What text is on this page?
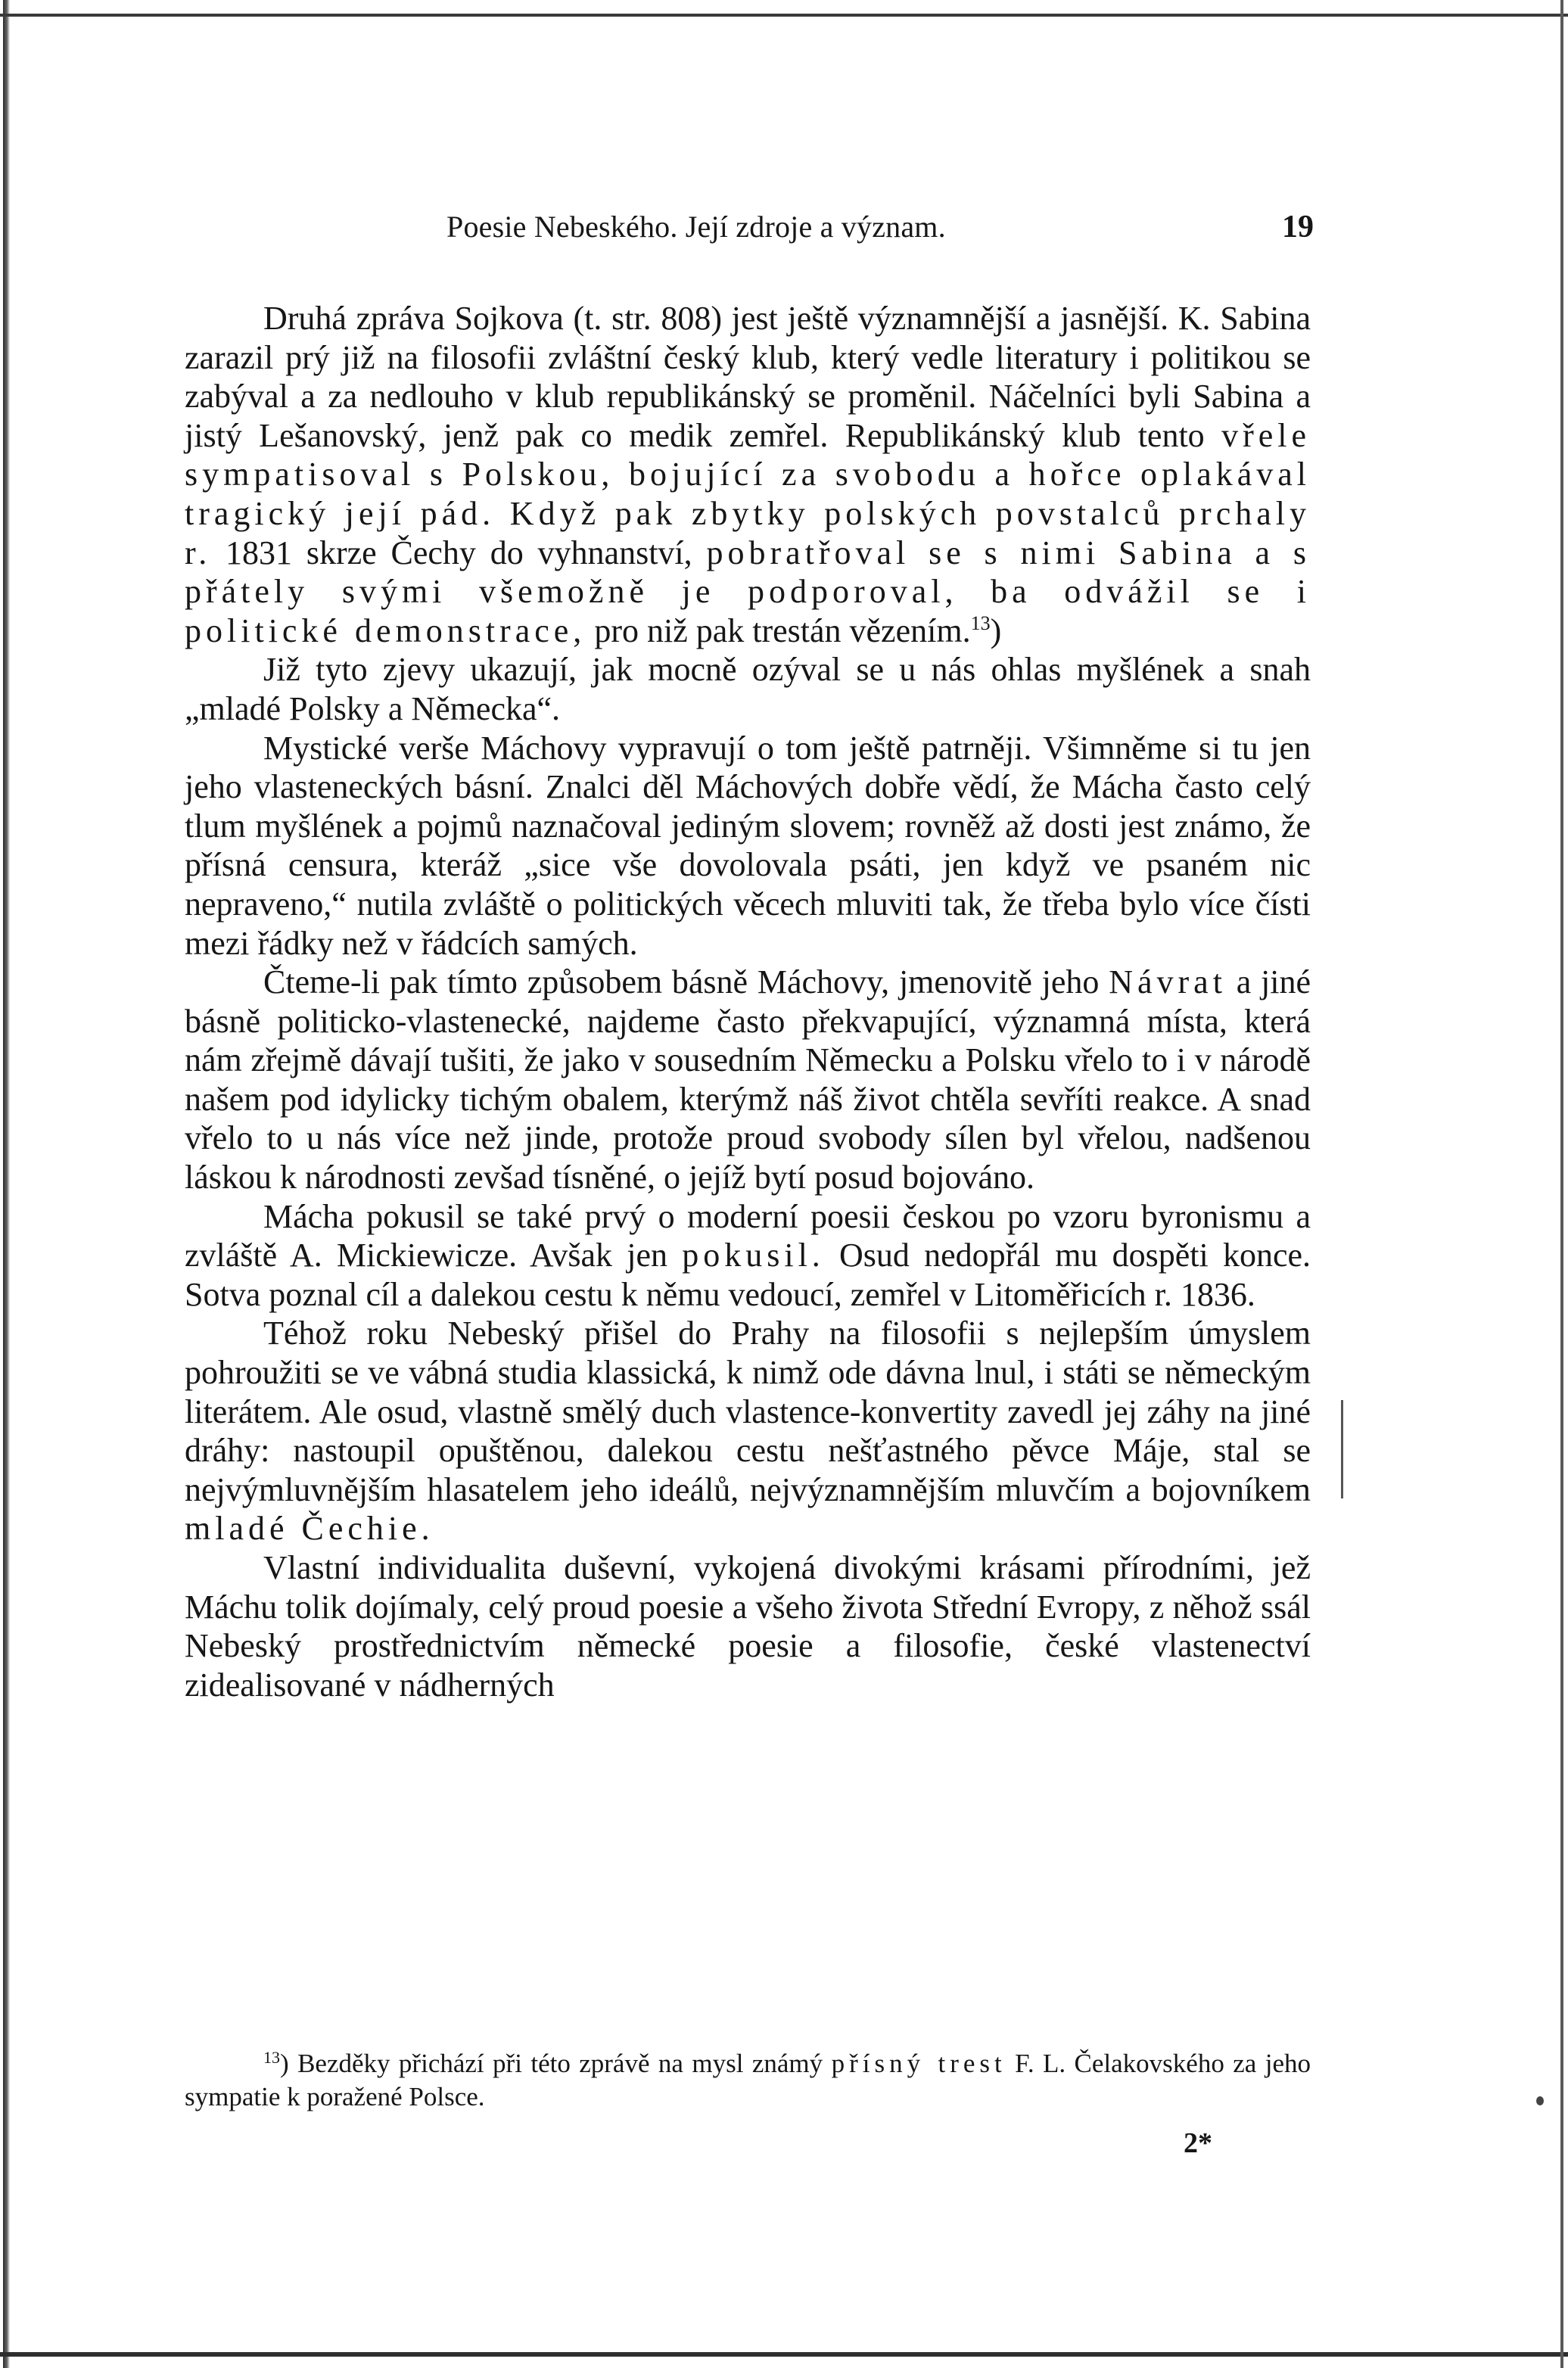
Poesie Nebeského. Její zdroje a význam.	19

Druhá zpráva Sojkova (t. str. 808) jest ještě významnější a jasnější. K. Sabina zarazil prý již na filosofii zvláštní český klub, který vedle literatury i politikou se zabýval a za nedlouho v klub republikánský se proměnil. Náčelníci byli Sabina a jistý Lešanovský, jenž pak co medik zemřel. Republikánský klub tento vřele sympatisoval s Polskou, bojující za svobodu a hořce oplakával tragický její pád. Když pak zbytky polských povstalců prchaly r. 1831 skrze Čechy do vyhnanství, pobratřoval se s nimi Sabina a s přátely svými všemožně je podporoval, ba odvážil se i politické demonstrace, pro niž pak trestán vězením.$^{13}$)

Již tyto zjevy ukazují, jak mocně ozýval se u nás ohlas myšlének a snah „mladé Polsky a Německa“.

Mystické verše Máchovy vypravují o tom ještě patrněji. Všimněme si tu jen jeho vlasteneckých básní. Znalci děl Máchových dobře vědí, že Mácha často celý tlum myšlének a pojmů naznačoval jediným slovem; rovněž až dosti jest známo, že přísná censura, kteráž „sice vše dovolovala psáti, jen když ve psaném nic nepraveno,“ nutila zvláště o politických věcech mluviti tak, že třeba bylo více čísti mezi řádky než v řádcích samých.

Čteme-li pak tímto způsobem básně Máchovy, jmenovitě jeho Návrat a jiné básně politicko-vlastenecké, najdeme často překvapující, významná místa, která nám zřejmě dávají tušiti, že jako v sousedním Německu a Polsku vřelo to i v národě našem pod idylicky tichým obalem, kterýmž náš život chtěla sevříti reakce. A snad vřelo to u nás více než jinde, protože proud svobody sílen byl vřelou, nadšenou láskou k národnosti zevšad tísněné, o jejíž bytí posud bojováno.

Mácha pokusil se také prvý o moderní poesii českou po vzoru byronismu a zvláště A. Mickiewicze. Avšak jen pokusil. Osud nedopřál mu dospěti konce. Sotva poznal cíl a dalekou cestu k němu vedoucí, zemřel v Litoměřicích r. 1836.

Téhož roku Nebeský přišel do Prahy na filosofii s nejlepším úmyslem pohroužiti se ve vábná studia klassická, k nimž ode dávna lnul, i státi se německým literátem. Ale osud, vlastně smělý duch vlastence-konvertity zavedl jej záhy na jiné dráhy: nastoupil opuštěnou, dalekou cestu nešťastného pěvce Máje, stal se nejvýmluvnějším hlasatelem jeho ideálů, nejvýznamnějším mluvčím a bojovníkem mladé Čechie.

Vlastní individualita duševní, vykojená divokými krásami přírodními, jež Máchu tolik dojímaly, celý proud poesie a všeho života Střední Evropy, z něhož ssál Nebeský prostřednictvím německé poesie a filosofie, české vlastenectví zidealisované v nádherných

$^{13}$) Bezděky přichází při této zprávě na mysl známý přísný trest F. L. Čelakovského za jeho sympatie k poražené Polsce.

2*
